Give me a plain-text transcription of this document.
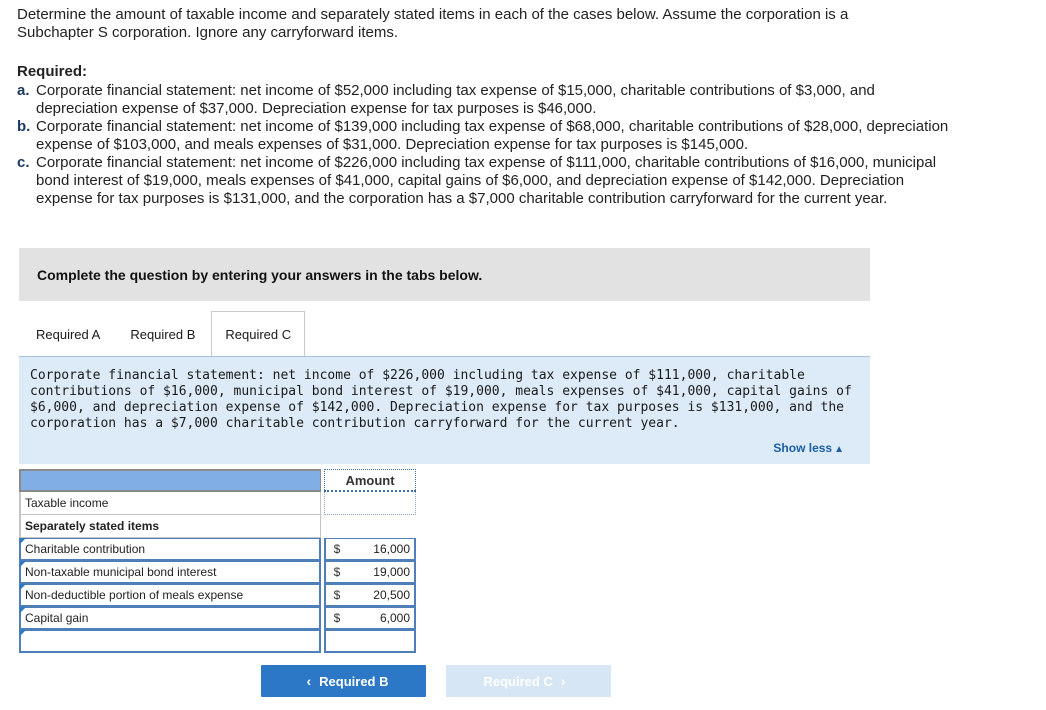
Determine the amount of taxable income and separately stated items in each of the cases below. Assume the corporation is a

Subchapter S corporation. Ignore any carryforward items.

Required:
a. Corporate financial statement: net income of $52,000 including tax expense of $15,000, charitable contributions of $3,000, and depreciation expense of $37,000. Depreciation expense for tax purposes is $46,000.
b. Corporate financial statement: net income of $139,000 including tax expense of $68,000, charitable contributions of $28,000, depreciation expense of $103,000, and meals expenses of $31,000. Depreciation expense for tax purposes is $145,000.
c. Corporate financial statement: net income of $226,000 including tax expense of $111,000, charitable contributions of $16,000, municipal bond interest of $19,000, meals expenses of $41,000, capital gains of $6,000, and depreciation expense of $142,000. Depreciation expense for tax purposes is $131,000, and the corporation has a $7,000 charitable contribution carryforward for the current year.
Complete the question by entering your answers in the tabs below.
Required A	Required B	Required C
Corporate financial statement: net income of $226,000 including tax expense of $111,000, charitable contributions of $16,000, municipal bond interest of $19,000, meals expenses of $41,000, capital gains of $6,000, and depreciation expense of $142,000. Depreciation expense for tax purposes is $131,000, and the corporation has a $7,000 charitable contribution carryforward for the current year.
Show less ▲
Amount
Taxable income
Separately stated items
Charitable contribution	$	16,000
Non-taxable municipal bond interest	$	19,000
Non-deductible portion of meals expense	$	20,500
Capital gain	$	6,000
‹ Required B	Required C ›
